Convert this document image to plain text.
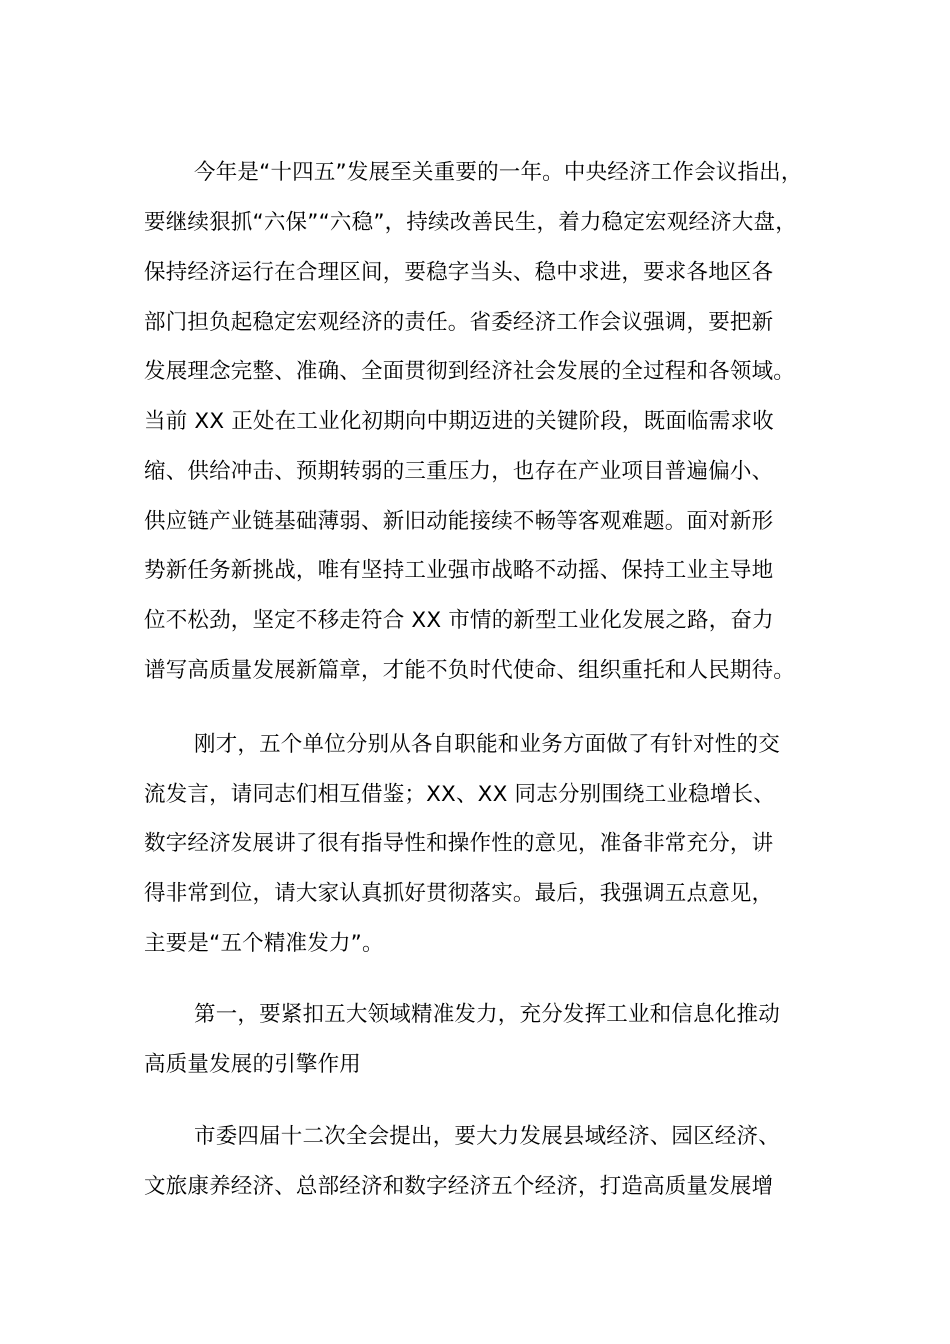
今年是“十四五”发展至关重要的一年。中央经济工作会议指出，
要继续狠抓“六保”“六稳”，持续改善民生，着力稳定宏观经济大盘，
保持经济运行在合理区间，要稳字当头、稳中求进，要求各地区各
部门担负起稳定宏观经济的责任。省委经济工作会议强调，要把新
发展理念完整、准确、全面贯彻到经济社会发展的全过程和各领域。
当前 XX 正处在工业化初期向中期迈进的关键阶段，既面临需求收
缩、供给冲击、预期转弱的三重压力，也存在产业项目普遍偏小、
供应链产业链基础薄弱、新旧动能接续不畅等客观难题。面对新形
势新任务新挑战，唯有坚持工业强市战略不动摇、保持工业主导地
位不松劲，坚定不移走符合 XX 市情的新型工业化发展之路，奋力
谱写高质量发展新篇章，才能不负时代使命、组织重托和人民期待。
刚才，五个单位分别从各自职能和业务方面做了有针对性的交
流发言，请同志们相互借鉴；XX、XX 同志分别围绕工业稳增长、
数字经济发展讲了很有指导性和操作性的意见，准备非常充分，讲
得非常到位，请大家认真抓好贯彻落实。最后，我强调五点意见，
主要是“五个精准发力”。
第一，要紧扣五大领域精准发力，充分发挥工业和信息化推动
高质量发展的引擎作用
市委四届十二次全会提出，要大力发展县域经济、园区经济、
文旅康养经济、总部经济和数字经济五个经济，打造高质量发展增
